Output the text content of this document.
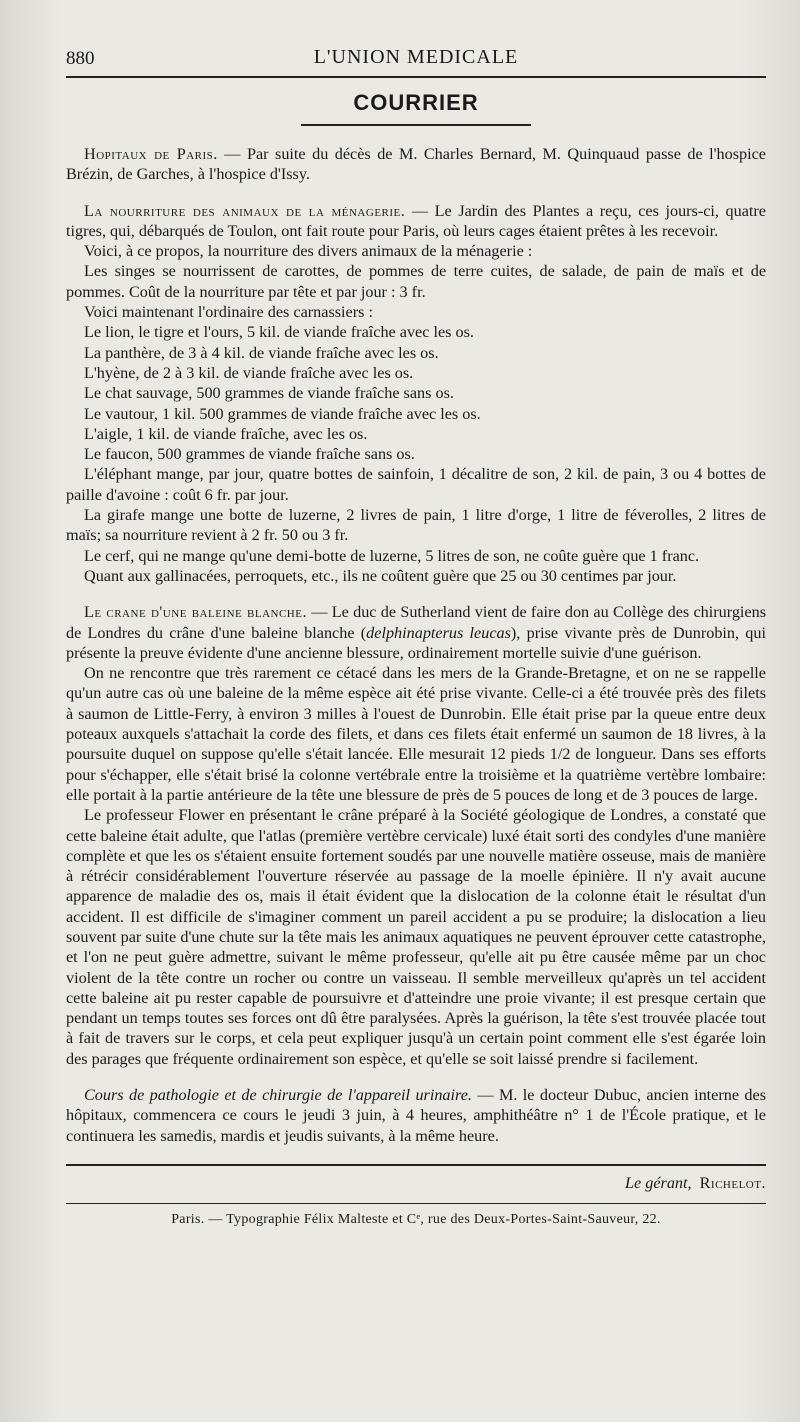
880	L'UNION MEDICALE
COURRIER

Hopitaux de Paris. — Par suite du décès de M. Charles Bernard, M. Quinquaud passe de l'hospice Brézin, de Garches, à l'hospice d'Issy.

La nourriture des animaux de la ménagerie. — Le Jardin des Plantes a reçu, ces jours-ci, quatre tigres, qui, débarqués de Toulon, ont fait route pour Paris, où leurs cages étaient prêtes à les recevoir.

Voici, à ce propos, la nourriture des divers animaux de la ménagerie :

Les singes se nourrissent de carottes, de pommes de terre cuites, de salade, de pain de maïs et de pommes. Coût de la nourriture par tête et par jour : 3 fr.

Voici maintenant l'ordinaire des carnassiers :

Le lion, le tigre et l'ours, 5 kil. de viande fraîche avec les os.
La panthère, de 3 à 4 kil. de viande fraîche avec les os.
L'hyène, de 2 à 3 kil. de viande fraîche avec les os.
Le chat sauvage, 500 grammes de viande fraîche sans os.
Le vautour, 1 kil. 500 grammes de viande fraîche avec les os.
L'aigle, 1 kil. de viande fraîche, avec les os.
Le faucon, 500 grammes de viande fraîche sans os.

L'éléphant mange, par jour, quatre bottes de sainfoin, 1 décalitre de son, 2 kil. de pain, 3 ou 4 bottes de paille d'avoine : coût 6 fr. par jour.

La girafe mange une botte de luzerne, 2 livres de pain, 1 litre d'orge, 1 litre de féverolles, 2 litres de maïs; sa nourriture revient à 2 fr. 50 ou 3 fr.

Le cerf, qui ne mange qu'une demi-botte de luzerne, 5 litres de son, ne coûte guère que 1 franc.

Quant aux gallinacées, perroquets, etc., ils ne coûtent guère que 25 ou 30 centimes par jour.

Le crane d'une baleine blanche. — Le duc de Sutherland vient de faire don au Collège des chirurgiens de Londres du crâne d'une baleine blanche (delphinapterus leucas), prise vivante près de Dunrobin, qui présente la preuve évidente d'une ancienne blessure, ordinairement mortelle suivie d'une guérison.

On ne rencontre que très rarement ce cétacé dans les mers de la Grande-Bretagne, et on ne se rappelle qu'un autre cas où une baleine de la même espèce ait été prise vivante. Celle-ci a été trouvée près des filets à saumon de Little-Ferry, à environ 3 milles à l'ouest de Dunrobin. Elle était prise par la queue entre deux poteaux auxquels s'attachait la corde des filets, et dans ces filets était enfermé un saumon de 18 livres, à la poursuite duquel on suppose qu'elle s'était lancée. Elle mesurait 12 pieds 1/2 de longueur. Dans ses efforts pour s'échapper, elle s'était brisé la colonne vertébrale entre la troisième et la quatrième vertèbre lombaire: elle portait à la partie antérieure de la tête une blessure de près de 5 pouces de long et de 3 pouces de large.

Le professeur Flower en présentant le crâne préparé à la Société géologique de Londres, a constaté que cette baleine était adulte, que l'atlas (première vertèbre cervicale) luxé était sorti des condyles d'une manière complète et que les os s'étaient ensuite fortement soudés par une nouvelle matière osseuse, mais de manière à rétrécir considérablement l'ouverture réservée au passage de la moelle épinière. Il n'y avait aucune apparence de maladie des os, mais il était évident que la dislocation de la colonne était le résultat d'un accident. Il est difficile de s'imaginer comment un pareil accident a pu se produire; la dislocation a lieu souvent par suite d'une chute sur la tête mais les animaux aquatiques ne peuvent éprouver cette catastrophe, et l'on ne peut guère admettre, suivant le même professeur, qu'elle ait pu être causée même par un choc violent de la tête contre un rocher ou contre un vaisseau. Il semble merveilleux qu'après un tel accident cette baleine ait pu rester capable de poursuivre et d'atteindre une proie vivante; il est presque certain que pendant un temps toutes ses forces ont dû être paralysées. Après la guérison, la tête s'est trouvée placée tout à fait de travers sur le corps, et cela peut expliquer jusqu'à un certain point comment elle s'est égarée loin des parages que fréquente ordinairement son espèce, et qu'elle se soit laissé prendre si facilement.

Cours de pathologie et de chirurgie de l'appareil urinaire. — M. le docteur Dubuc, ancien interne des hôpitaux, commencera ce cours le jeudi 3 juin, à 4 heures, amphithéâtre n° 1 de l'École pratique, et le continuera les samedis, mardis et jeudis suivants, à la même heure.

Le gérant, Richelot.
Paris. — Typographie Félix Malteste et Cᵉ, rue des Deux-Portes-Saint-Sauveur, 22.
